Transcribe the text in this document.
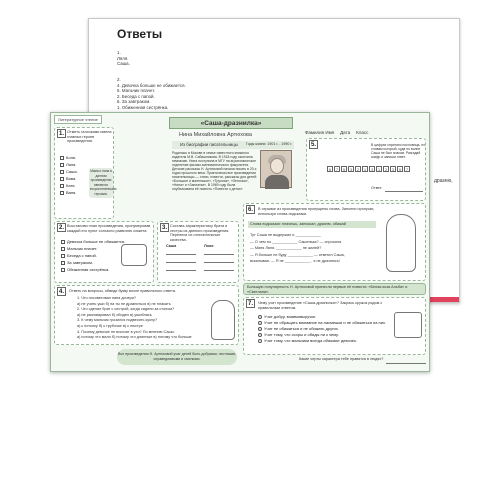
Ответы
1.
Ляля.
Саша.
2.
4. Девочка больше не обижается.
5. Мальчик плачет.
2. Беседа с папой.
6. За завтраком.
1. Обиженная сестрёнка.
дразню,
Литературное чтение
«Саша-дразнилка»
Нина Михайловна Артюхова	Фамилия Имя Дата Класс
1. Отметь галочками имена главных героев произведения.
Коля.
Ляля.
Саша.
Вова.
Катя.
Ваня.
Мама и папа в данном произведении являются второстепенными героями.
Из биографии писательницы	Годы жизни: 1901 г. - 1990 г.
Родилась в Москве в семье известного книжного издателя М.В. Сабашникова. В 1918 году окончила гимназию. Нина поступила в МГУ на агрономическое отделение физико-математического факультета. Детские рассказы Н. Артюховой начала писать в 20-х годах прошлого века. Практически все произведения писательницы — стихи, повести, рассказы для детей: «Большое и маленькое», «Трусиха», «Леночка», «Нина» и «Заплатки». В 1969 году была опубликована её повесть «Повести о детях».
5.	В цифрах спрятано пословица, по словам который, куда по волне Саша не был знаком. Разгадай шифр и запиши ответ.
Ответ:
6	7	5	3	2	1	3	1	2	3	5	7
2. Восстанови план произведения, пронумеровав каждый его пункт согласно развитию сюжета.
Девочка больше не обижается.
Мальчик плачет.
Беседа с папой.
За завтраком.
Обиженная сестрёнка.
3. Составь характеристику брата и сестры из данного произведения. Перенеси их отличительные качества.
Саша	Ляля
6.	В отрывке из произведения пропущены слова. Заполни пропуски, используя слова-подсказки.
Слова подсказки: плачешь, запискал, дразню, обижай
Тут Саша не выдержал и ____________
— О чем ты ____________ Сашенька? — спросила
— Маня Ляля. ____________ не жалей?
— Я больше не буду ____________ — ответил Саша,
вскалывая. — Я не ____________ , я не дразнюсь!
4.	Ответь на вопросы, обведи букву возле правильного ответа.
1. Что посоветовал папа дочери?
а) не учить уши б) на ты не дразниться в) не плакать
2. Что сделал брат с сестрой, когда сидели за столом?
а) не разговаривал б) обидел в) ушиблась
3. К чему мальчик грозился подвесить куклу?
а) к потолку б) к трубочке в) к люстре
4. Почему девочке не вскочит в ухо? По мнению Саши.
а) потому что мало б) потому что длинные в) потому что больше
Большую популярность Н. Артюховой принесли первые её повести: «Белая коза Альба» и «Светлана».
7.	Чему учит произведение «Саша-дразнилка»? Закрась кружок рядом с правильным ответом.
Учит добру, взаимовыручке.
Учит не обращать внимание на насмешки и не обижаться на них.
Учит не обижаться и не обижать других.
Учит тому, что ссоры и обиды ни к чему.
Учит тому, что мальчики всегда обижают девочек.
Все произведения Н. Артюховой учат детей быть добрыми, честными, справедливыми и смелыми.	Какие черты характера тебе нравятся в людях?
